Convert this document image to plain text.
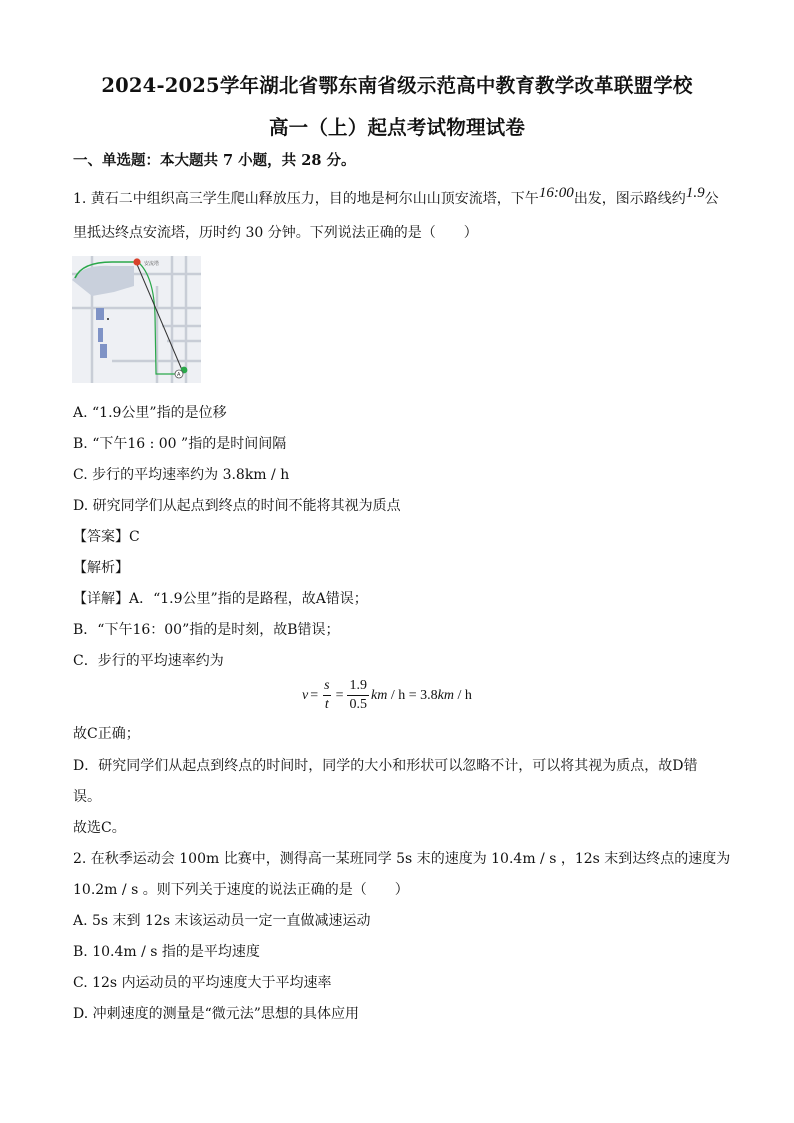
2024-2025学年湖北省鄂东南省级示范高中教育教学改革联盟学校
高一（上）起点考试物理试卷
一、单选题：本大题共 7 小题，共 28 分。
1. 黄石二中组织高三学生爬山释放压力，目的地是柯尔山山顶安流塔，下午16:00出发，图示路线约1.9公
里抵达终点安流塔，历时约 30 分钟。下列说法正确的是（　　）
安流塔
A
A. “1.9公里”指的是位移
B. “下午16 : 00 ”指的是时间间隔
C. 步行的平均速率约为 3.8km / h
D. 研究同学们从起点到终点的时间不能将其视为质点
【答案】C
【解析】
【详解】A．“1.9公里”指的是路程，故A错误；
B．“下午16：00”指的是时刻，故B错误；
C．步行的平均速率约为
$v = \frac{s}{t} = \frac{1.9}{0.5}$ km / h = 3.8 km / h
故C正确；
D．研究同学们从起点到终点的时间时，同学的大小和形状可以忽略不计，可以将其视为质点，故D错
误。
故选C。
2. 在秋季运动会 100m 比赛中，测得高一某班同学 5s 末的速度为 10.4m / s ，12s 末到达终点的速度为
10.2m / s 。则下列关于速度的说法正确的是（　　）
A. 5s 末到 12s 末该运动员一定一直做减速运动
B. 10.4m / s 指的是平均速度
C. 12s 内运动员的平均速度大于平均速率
D. 冲刺速度的测量是“微元法”思想的具体应用
